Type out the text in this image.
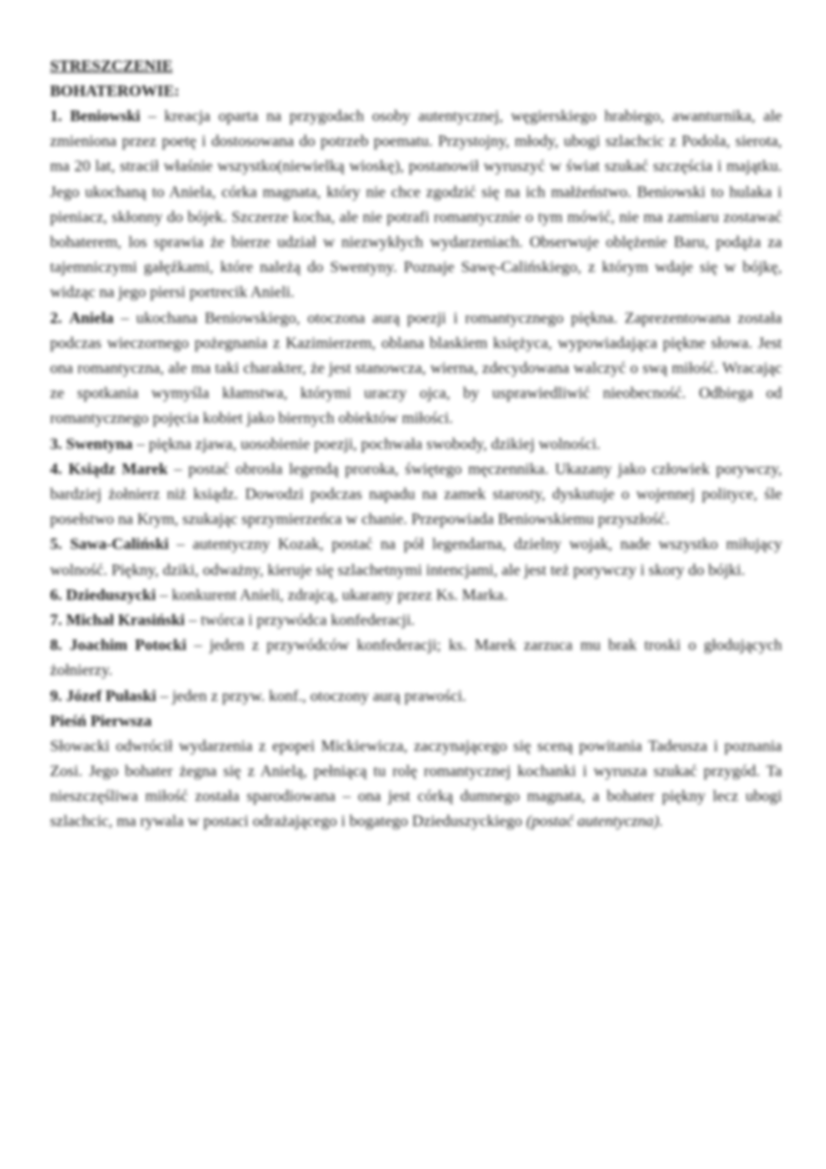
STRESZCZENIE

BOHATEROWIE:

1. Beniowski – kreacja oparta na przygodach osoby autentycznej, węgierskiego hrabiego, awanturnika, ale zmieniona przez poetę i dostosowana do potrzeb poematu. Przystojny, młody, ubogi szlachcic z Podola, sierota, ma 20 lat, stracił właśnie wszystko(niewielką wioskę), postanowił wyruszyć w świat szukać szczęścia i majątku. Jego ukochaną to Aniela, córka magnata, który nie chce zgodzić się na ich małżeństwo. Beniowski to hulaka i pieniacz, skłonny do bójek. Szczerze kocha, ale nie potrafi romantycznie o tym mówić, nie ma zamiaru zostawać bohaterem, los sprawia że bierze udział w niezwykłych wydarzeniach. Obserwuje oblężenie Baru, podąża za tajemniczymi gałęźkami, które należą do Swentyny. Poznaje Sawę-Calińskiego, z którym wdaje się w bójkę, widząc na jego piersi portrecik Anieli.

2. Aniela – ukochana Beniowskiego, otoczona aurą poezji i romantycznego piękna. Zaprezentowana została podczas wieczornego pożegnania z Kazimierzem, oblana blaskiem księżyca, wypowiadająca piękne słowa. Jest ona romantyczna, ale ma taki charakter, że jest stanowcza, wierna, zdecydowana walczyć o swą miłość. Wracając ze spotkania wymyśla kłamstwa, którymi uraczy ojca, by usprawiedliwić nieobecność. Odbiega od romantycznego pojęcia kobiet jako biernych obiektów miłości.

3. Swentyna – piękna zjawa, uosobienie poezji, pochwała swobody, dzikiej wolności.

4. Ksiądz Marek – postać obrosła legendą proroka, świętego męczennika. Ukazany jako człowiek porywczy, bardziej żołnierz niż ksiądz. Dowodzi podczas napadu na zamek starosty, dyskutuje o wojennej polityce, śle posełstwo na Krym, szukając sprzymierzeńca w chanie. Przepowiada Beniowskiemu przyszłość.

5. Sawa-Caliński – autentyczny Kozak, postać na pół legendarna, dzielny wojak, nade wszystko miłujący wolność. Piękny, dziki, odważny, kieruje się szlachetnymi intencjami, ale jest też porywczy i skory do bójki.

6. Dzieduszycki – konkurent Anieli, zdrajcą, ukarany przez Ks. Marka.

7. Michał Krasiński – twórca i przywódca konfederacji.

8. Joachim Potocki – jeden z przywódców konfederacji; ks. Marek zarzuca mu brak troski o głodujących żołnierzy.

9. Józef Pułaski – jeden z przyw. konf., otoczony aurą prawości.

Pieśń Pierwsza

Słowacki odwrócił wydarzenia z epopei Mickiewicza, zaczynającego się sceną powitania Tadeusza i poznania Zosi. Jego bohater żegna się z Anielą, pełniącą tu rolę romantycznej kochanki i wyrusza szukać przygód. Ta nieszczęśliwa miłość została sparodiowana – ona jest córką dumnego magnata, a bohater piękny lecz ubogi szlachcic, ma rywala w postaci odrażającego i bogatego Dzieduszyckiego (postać autentyczna).
